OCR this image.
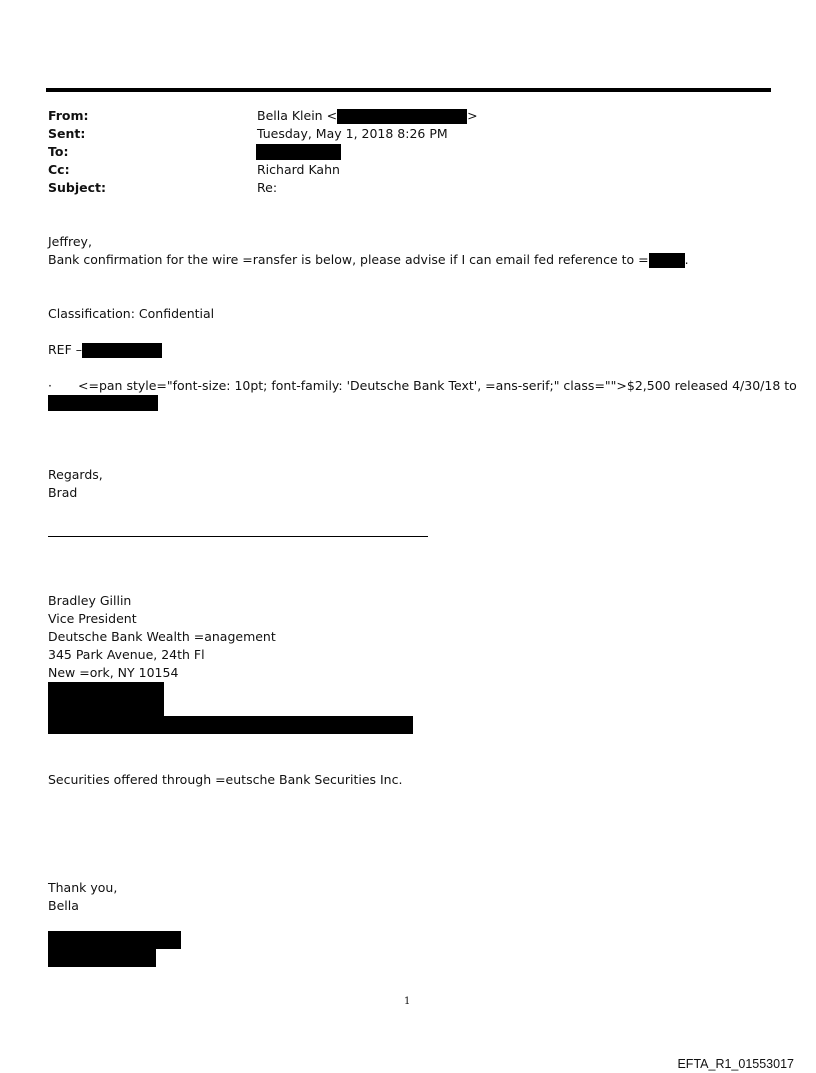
From:
Sent:
To:
Cc:
Subject:
Bella Klein <	>
Tuesday, May 1, 2018 8:26 PM
Richard Kahn
Re:
Jeffrey,
Bank confirmation for the wire =ransfer is below, please advise if I can email fed reference to =	.
Classification: Confidential
REF –
· <=pan style="font-size: 10pt; font-family: 'Deutsche Bank Text', =ans-serif;" class="">$2,500 released 4/30/18 to
Regards,
Brad
Bradley Gillin
Vice President
Deutsche Bank Wealth =anagement
345 Park Avenue, 24th Fl
New =ork, NY 10154
Securities offered through =eutsche Bank Securities Inc.
Thank you,
Bella
1
EFTA_R1_01553017
